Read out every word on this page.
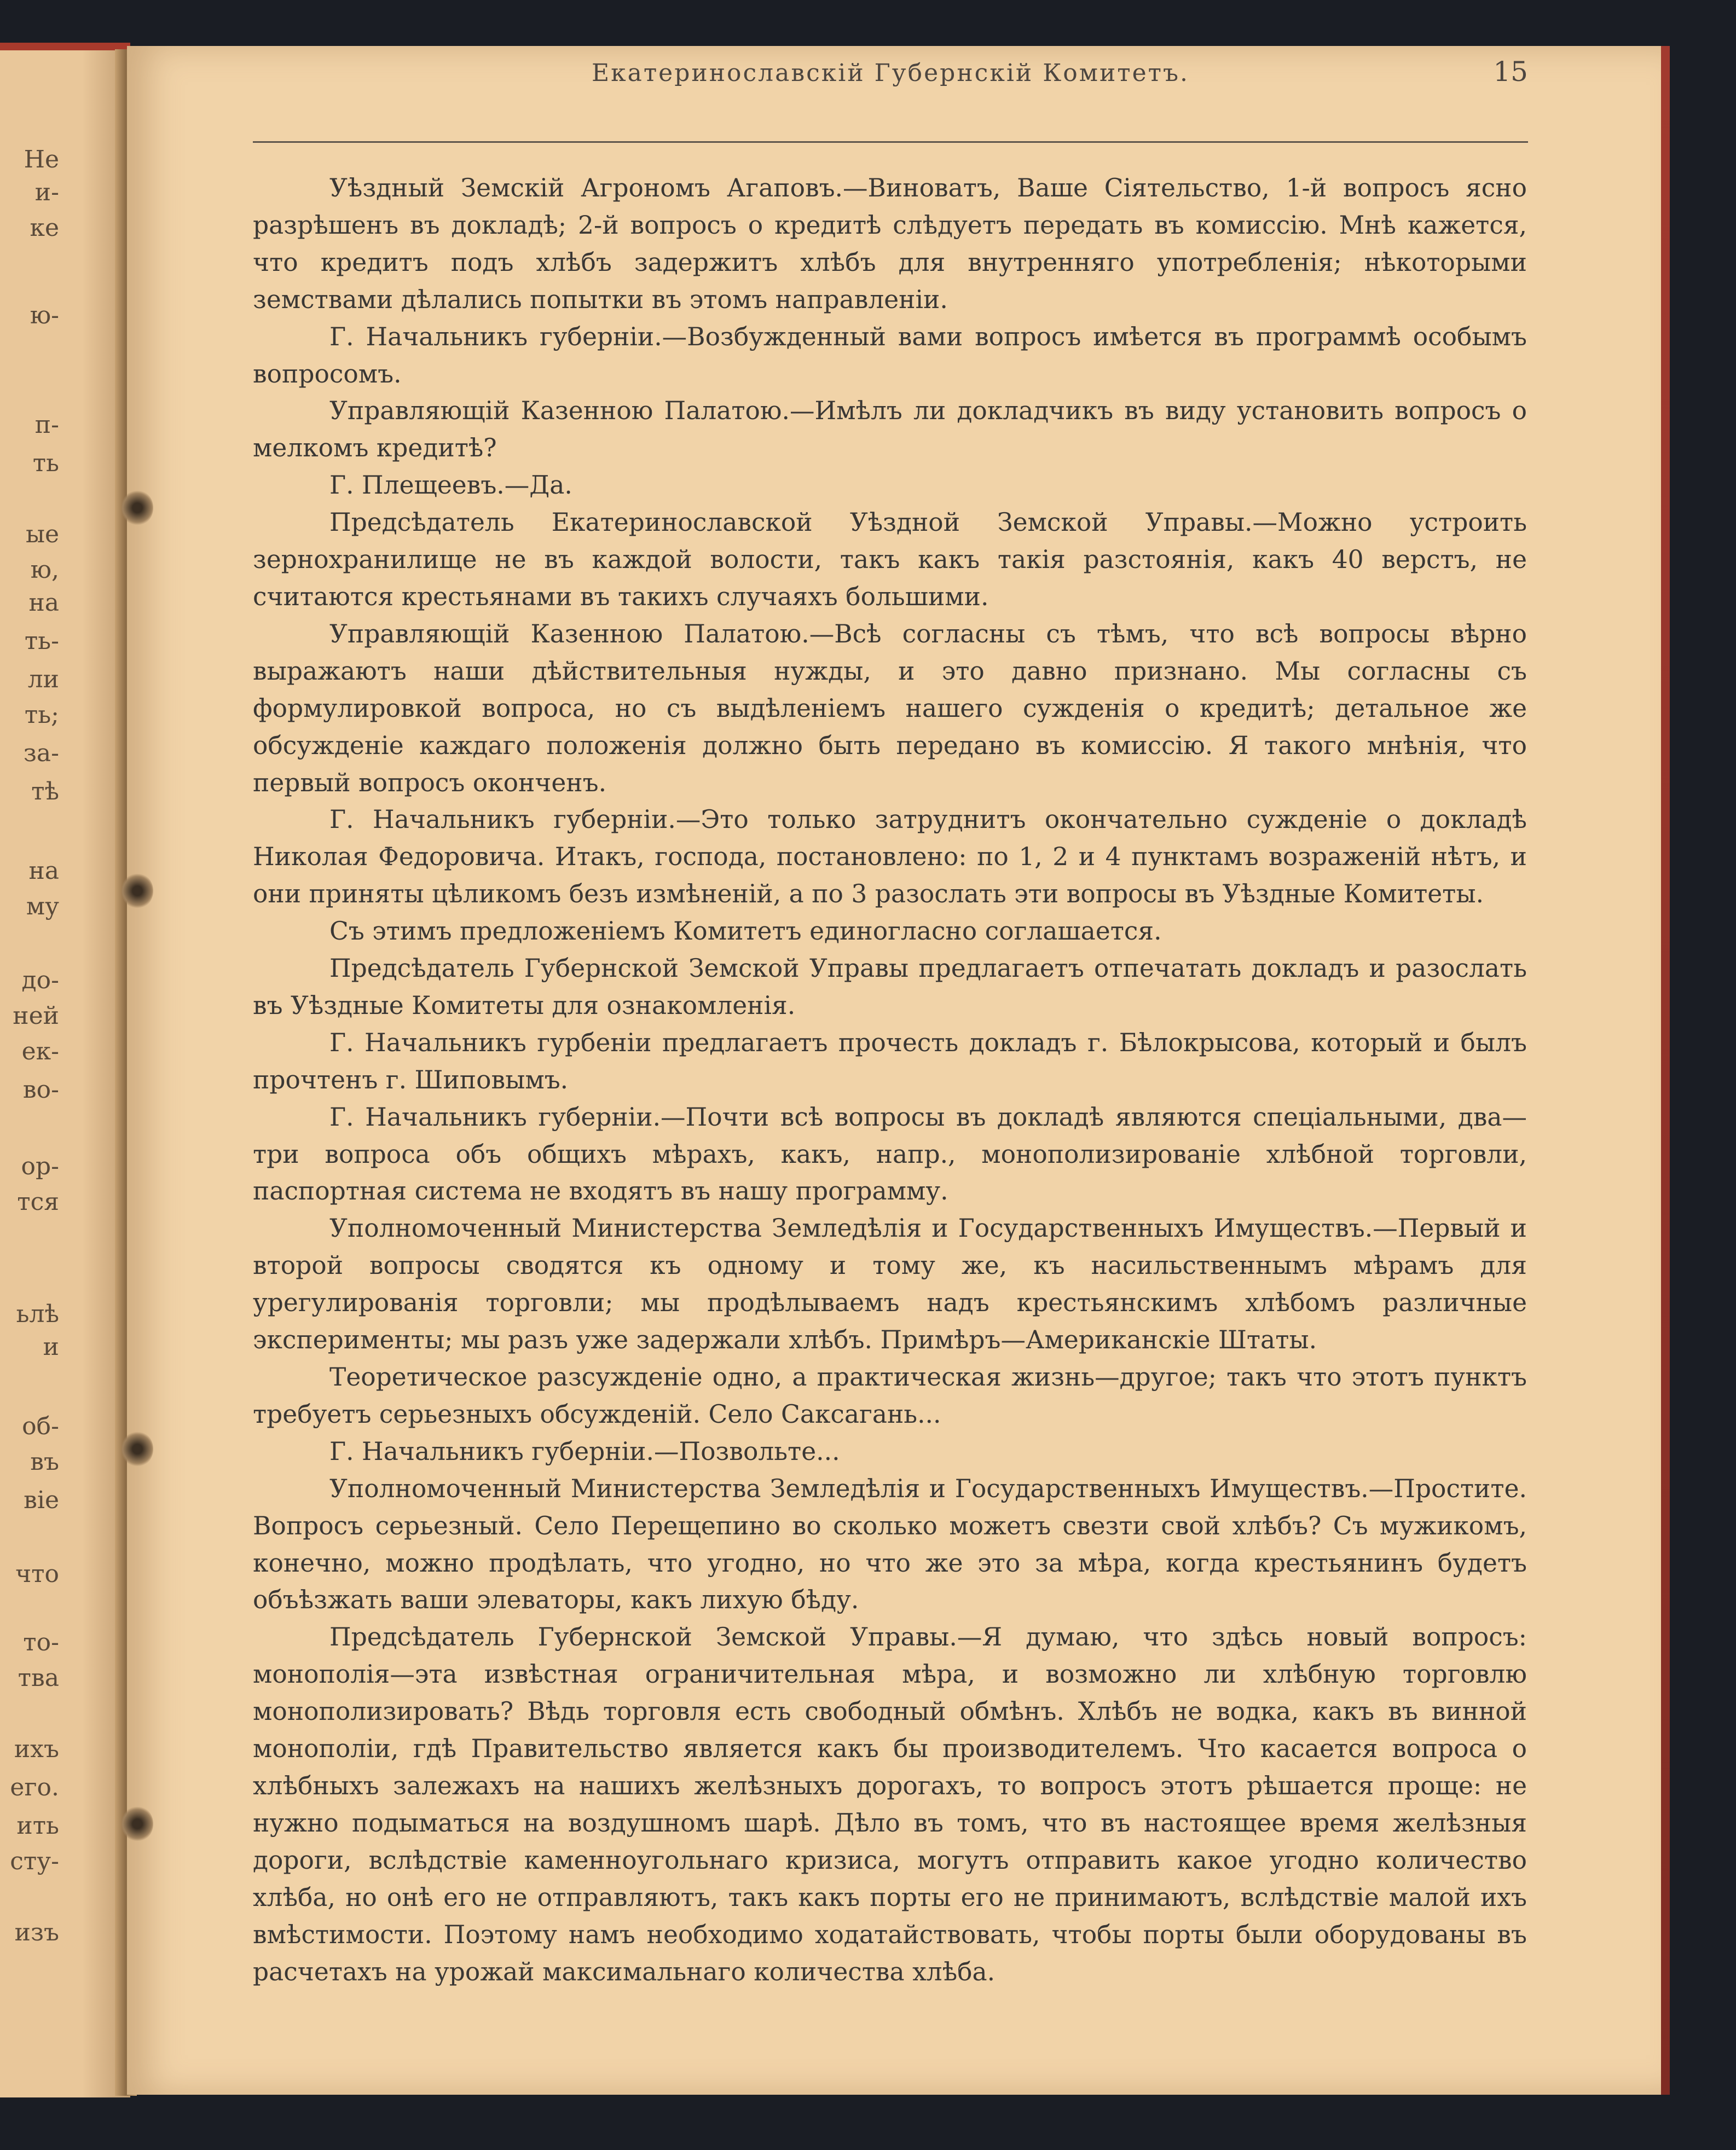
Не
и-
ке
ю-
п-
ть
ые
ю,
на
ть-
ли
ть;
за-
тѣ
на
му
до-
ней
ек-
во-
ор-
тся
ьлѣ
и
об-
въ
віе
что
то-
тва
ихъ
его.
ить
сту-
изъ
Екатеринославскій Губернскій Комитетъ.	15

Уѣздный Земскій Агрономъ Агаповъ.—Виноватъ, Ваше Сіятельство, 1-й вопросъ ясно разрѣшенъ въ докладѣ; 2-й вопросъ о кредитѣ слѣдуетъ передать въ комиссію. Мнѣ кажется, что кредитъ подъ хлѣбъ задержитъ хлѣбъ для внутренняго употребленія; нѣкоторыми земствами дѣлались попытки въ этомъ направленіи.

Г. Начальникъ губерніи.—Возбужденный вами вопросъ имѣется въ программѣ особымъ вопросомъ.

Управляющій Казенною Палатою.—Имѣлъ ли докладчикъ въ виду установить вопросъ о мелкомъ кредитѣ?

Г. Плещеевъ.—Да.

Предсѣдатель Екатеринославской Уѣздной Земской Управы.—Можно устроить зернохранилище не въ каждой волости, такъ какъ такія разстоянія, какъ 40 верстъ, не считаются крестьянами въ такихъ случаяхъ большими.

Управляющій Казенною Палатою.—Всѣ согласны съ тѣмъ, что всѣ вопросы вѣрно выражаютъ наши дѣйствительныя нужды, и это давно признано. Мы согласны съ формулировкой вопроса, но съ выдѣленіемъ нашего сужденія о кредитѣ; детальное же обсужденіе каждаго положенія должно быть передано въ комиссію. Я такого мнѣнія, что первый вопросъ оконченъ.

Г. Начальникъ губерніи.—Это только затруднитъ окончательно сужденіе о докладѣ Николая Федоровича. Итакъ, господа, постановлено: по 1, 2 и 4 пунктамъ возраженій нѣтъ, и они приняты цѣликомъ безъ измѣненій, а по 3 разослать эти вопросы въ Уѣздные Комитеты.

Съ этимъ предложеніемъ Комитетъ единогласно соглашается.

Предсѣдатель Губернской Земской Управы предлагаетъ отпечатать докладъ и разослать въ Уѣздные Комитеты для ознакомленія.

Г. Начальникъ гурбеніи предлагаетъ прочесть докладъ г. Бѣлокрысова, который и былъ прочтенъ г. Шиповымъ.

Г. Начальникъ губерніи.—Почти всѣ вопросы въ докладѣ являются спеціальными, два—три вопроса объ общихъ мѣрахъ, какъ, напр., монополизированіе хлѣбной торговли, паспортная система не входятъ въ нашу программу.

Уполномоченный Министерства Земледѣлія и Государственныхъ Имуществъ.—Первый и второй вопросы сводятся къ одному и тому же, къ насильственнымъ мѣрамъ для урегулированія торговли; мы продѣлываемъ надъ крестьянскимъ хлѣбомъ различные эксперименты; мы разъ уже задержали хлѣбъ. Примѣръ—Американскіе Штаты.

Теоретическое разсужденіе одно, а практическая жизнь—другое; такъ что этотъ пунктъ требуетъ серьезныхъ обсужденій. Село Саксагань...

Г. Начальникъ губерніи.—Позвольте...

Уполномоченный Министерства Земледѣлія и Государственныхъ Имуществъ.—Простите. Вопросъ серьезный. Село Перещепино во сколько можетъ свезти свой хлѣбъ? Съ мужикомъ, конечно, можно продѣлать, что угодно, но что же это за мѣра, когда крестьянинъ будетъ объѣзжать ваши элеваторы, какъ лихую бѣду.

Предсѣдатель Губернской Земской Управы.—Я думаю, что здѣсь новый вопросъ: монополія—эта извѣстная ограничительная мѣра, и возможно ли хлѣбную торговлю монополизировать? Вѣдь торговля есть свободный обмѣнъ. Хлѣбъ не водка, какъ въ винной монополіи, гдѣ Правительство является какъ бы производителемъ. Что касается вопроса о хлѣбныхъ залежахъ на нашихъ желѣзныхъ дорогахъ, то вопросъ этотъ рѣшается проще: не нужно подыматься на воздушномъ шарѣ. Дѣло въ томъ, что въ настоящее время желѣзныя дороги, вслѣдствіе каменноугольнаго кризиса, могутъ отправить какое угодно количество хлѣба, но онѣ его не отправляютъ, такъ какъ порты его не принимаютъ, вслѣдствіе малой ихъ вмѣстимости. Поэтому намъ необходимо ходатайствовать, чтобы порты были оборудованы въ расчетахъ на урожай максимальнаго количества хлѣба.
